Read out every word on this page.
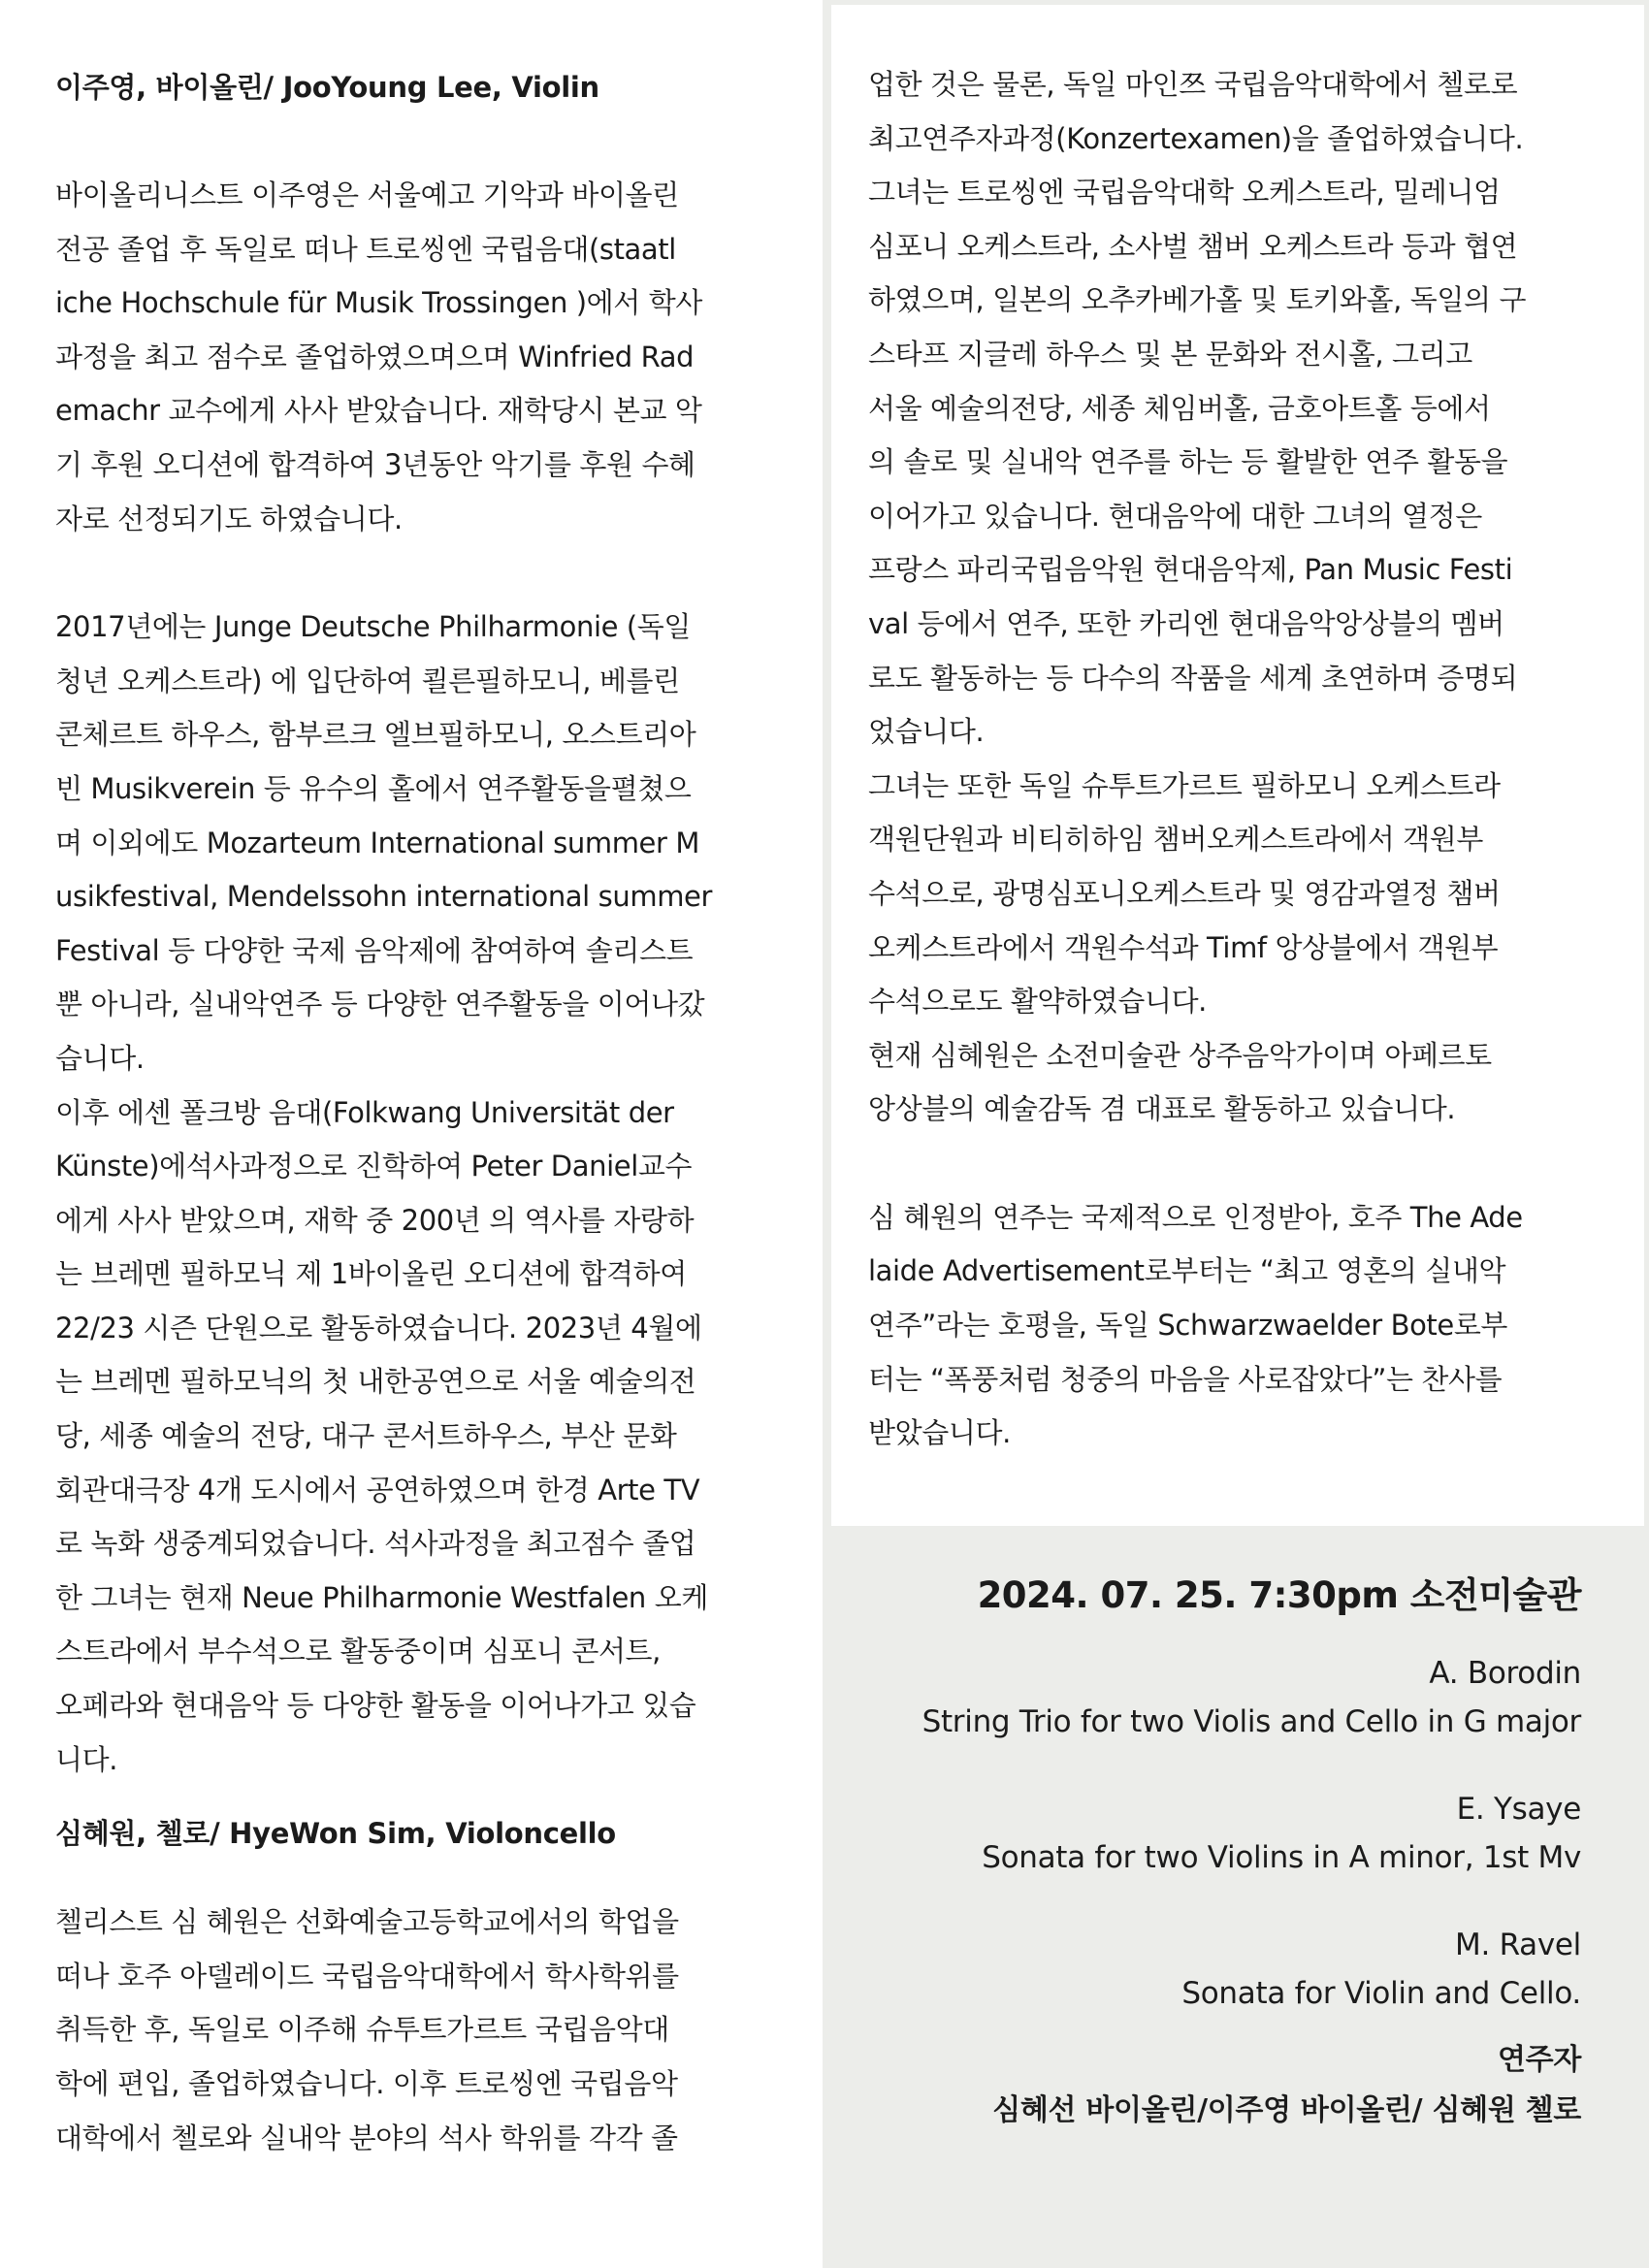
이주영, 바이올린/ JooYoung Lee, Violin

바이올리니스트 이주영은 서울예고 기악과 바이올린
전공 졸업 후 독일로 떠나 트로씽엔 국립음대(staatl
iche Hochschule für Musik Trossingen )에서 학사
과정을 최고 점수로 졸업하였으며으며 Winfried Rad
emachr 교수에게 사사 받았습니다. 재학당시 본교 악
기 후원 오디션에 합격하여 3년동안 악기를 후원 수혜
자로 선정되기도 하였습니다.

2017년에는 Junge Deutsche Philharmonie (독일
청년 오케스트라) 에 입단하여 쾰른필하모니, 베를린
콘체르트 하우스, 함부르크 엘브필하모니, 오스트리아
빈 Musikverein 등 유수의 홀에서 연주활동을펼쳤으
며 이외에도 Mozarteum International summer M
usikfestival, Mendelssohn international summer
Festival 등 다양한 국제 음악제에 참여하여 솔리스트
뿐 아니라, 실내악연주 등 다양한 연주활동을 이어나갔
습니다.
이후 에센 폴크방 음대(Folkwang Universität der
Künste)에석사과정으로 진학하여 Peter Daniel교수
에게 사사 받았으며, 재학 중 200년 의 역사를 자랑하
는 브레멘 필하모닉 제 1바이올린 오디션에 합격하여
22/23 시즌 단원으로 활동하였습니다. 2023년 4월에
는 브레멘 필하모닉의 첫 내한공연으로 서울 예술의전
당, 세종 예술의 전당, 대구 콘서트하우스, 부산 문화
회관대극장 4개 도시에서 공연하였으며 한경 Arte TV
로 녹화 생중계되었습니다. 석사과정을 최고점수 졸업
한 그녀는 현재 Neue Philharmonie Westfalen 오케
스트라에서 부수석으로 활동중이며 심포니 콘서트,
오페라와 현대음악 등 다양한 활동을 이어나가고 있습
니다.

심혜원, 첼로/ HyeWon Sim, Violoncello

첼리스트 심 혜원은 선화예술고등학교에서의 학업을
떠나 호주 아델레이드 국립음악대학에서 학사학위를
취득한 후, 독일로 이주해 슈투트가르트 국립음악대
학에 편입, 졸업하였습니다. 이후 트로씽엔 국립음악
대학에서 첼로와 실내악 분야의 석사 학위를 각각 졸

업한 것은 물론, 독일 마인쯔 국립음악대학에서 첼로로
최고연주자과정(Konzertexamen)을 졸업하였습니다.
그녀는 트로씽엔 국립음악대학 오케스트라, 밀레니엄
심포니 오케스트라, 소사벌 챔버 오케스트라 등과 협연
하였으며, 일본의 오추카베가홀 및 토키와홀, 독일의 구
스타프 지글레 하우스 및 본 문화와 전시홀, 그리고
서울 예술의전당, 세종 체임버홀, 금호아트홀 등에서
의 솔로 및 실내악 연주를 하는 등 활발한 연주 활동을
이어가고 있습니다. 현대음악에 대한 그녀의 열정은
프랑스 파리국립음악원 현대음악제, Pan Music Festi
val 등에서 연주, 또한 카리엔 현대음악앙상블의 멤버
로도 활동하는 등 다수의 작품을 세계 초연하며 증명되
었습니다.
그녀는 또한 독일 슈투트가르트 필하모니 오케스트라
객원단원과 비티히하임 챔버오케스트라에서 객원부
수석으로, 광명심포니오케스트라 및 영감과열정 챔버
오케스트라에서 객원수석과 Timf 앙상블에서 객원부
수석으로도 활약하였습니다.
현재 심혜원은 소전미술관 상주음악가이며 아페르토
앙상블의 예술감독 겸 대표로 활동하고 있습니다.

심 혜원의 연주는 국제적으로 인정받아, 호주 The Ade
laide Advertisement로부터는 “최고 영혼의 실내악
연주”라는 호평을, 독일 Schwarzwaelder Bote로부
터는 “폭풍처럼 청중의 마음을 사로잡았다”는 찬사를
받았습니다.

2024. 07. 25. 7:30pm 소전미술관
A. Borodin
String Trio for two Violis and Cello in G major
E. Ysaye
Sonata for two Violins in A minor, 1st Mv
M. Ravel
Sonata for Violin and Cello.
연주자
심혜선 바이올린/이주영 바이올린/ 심혜원 첼로
